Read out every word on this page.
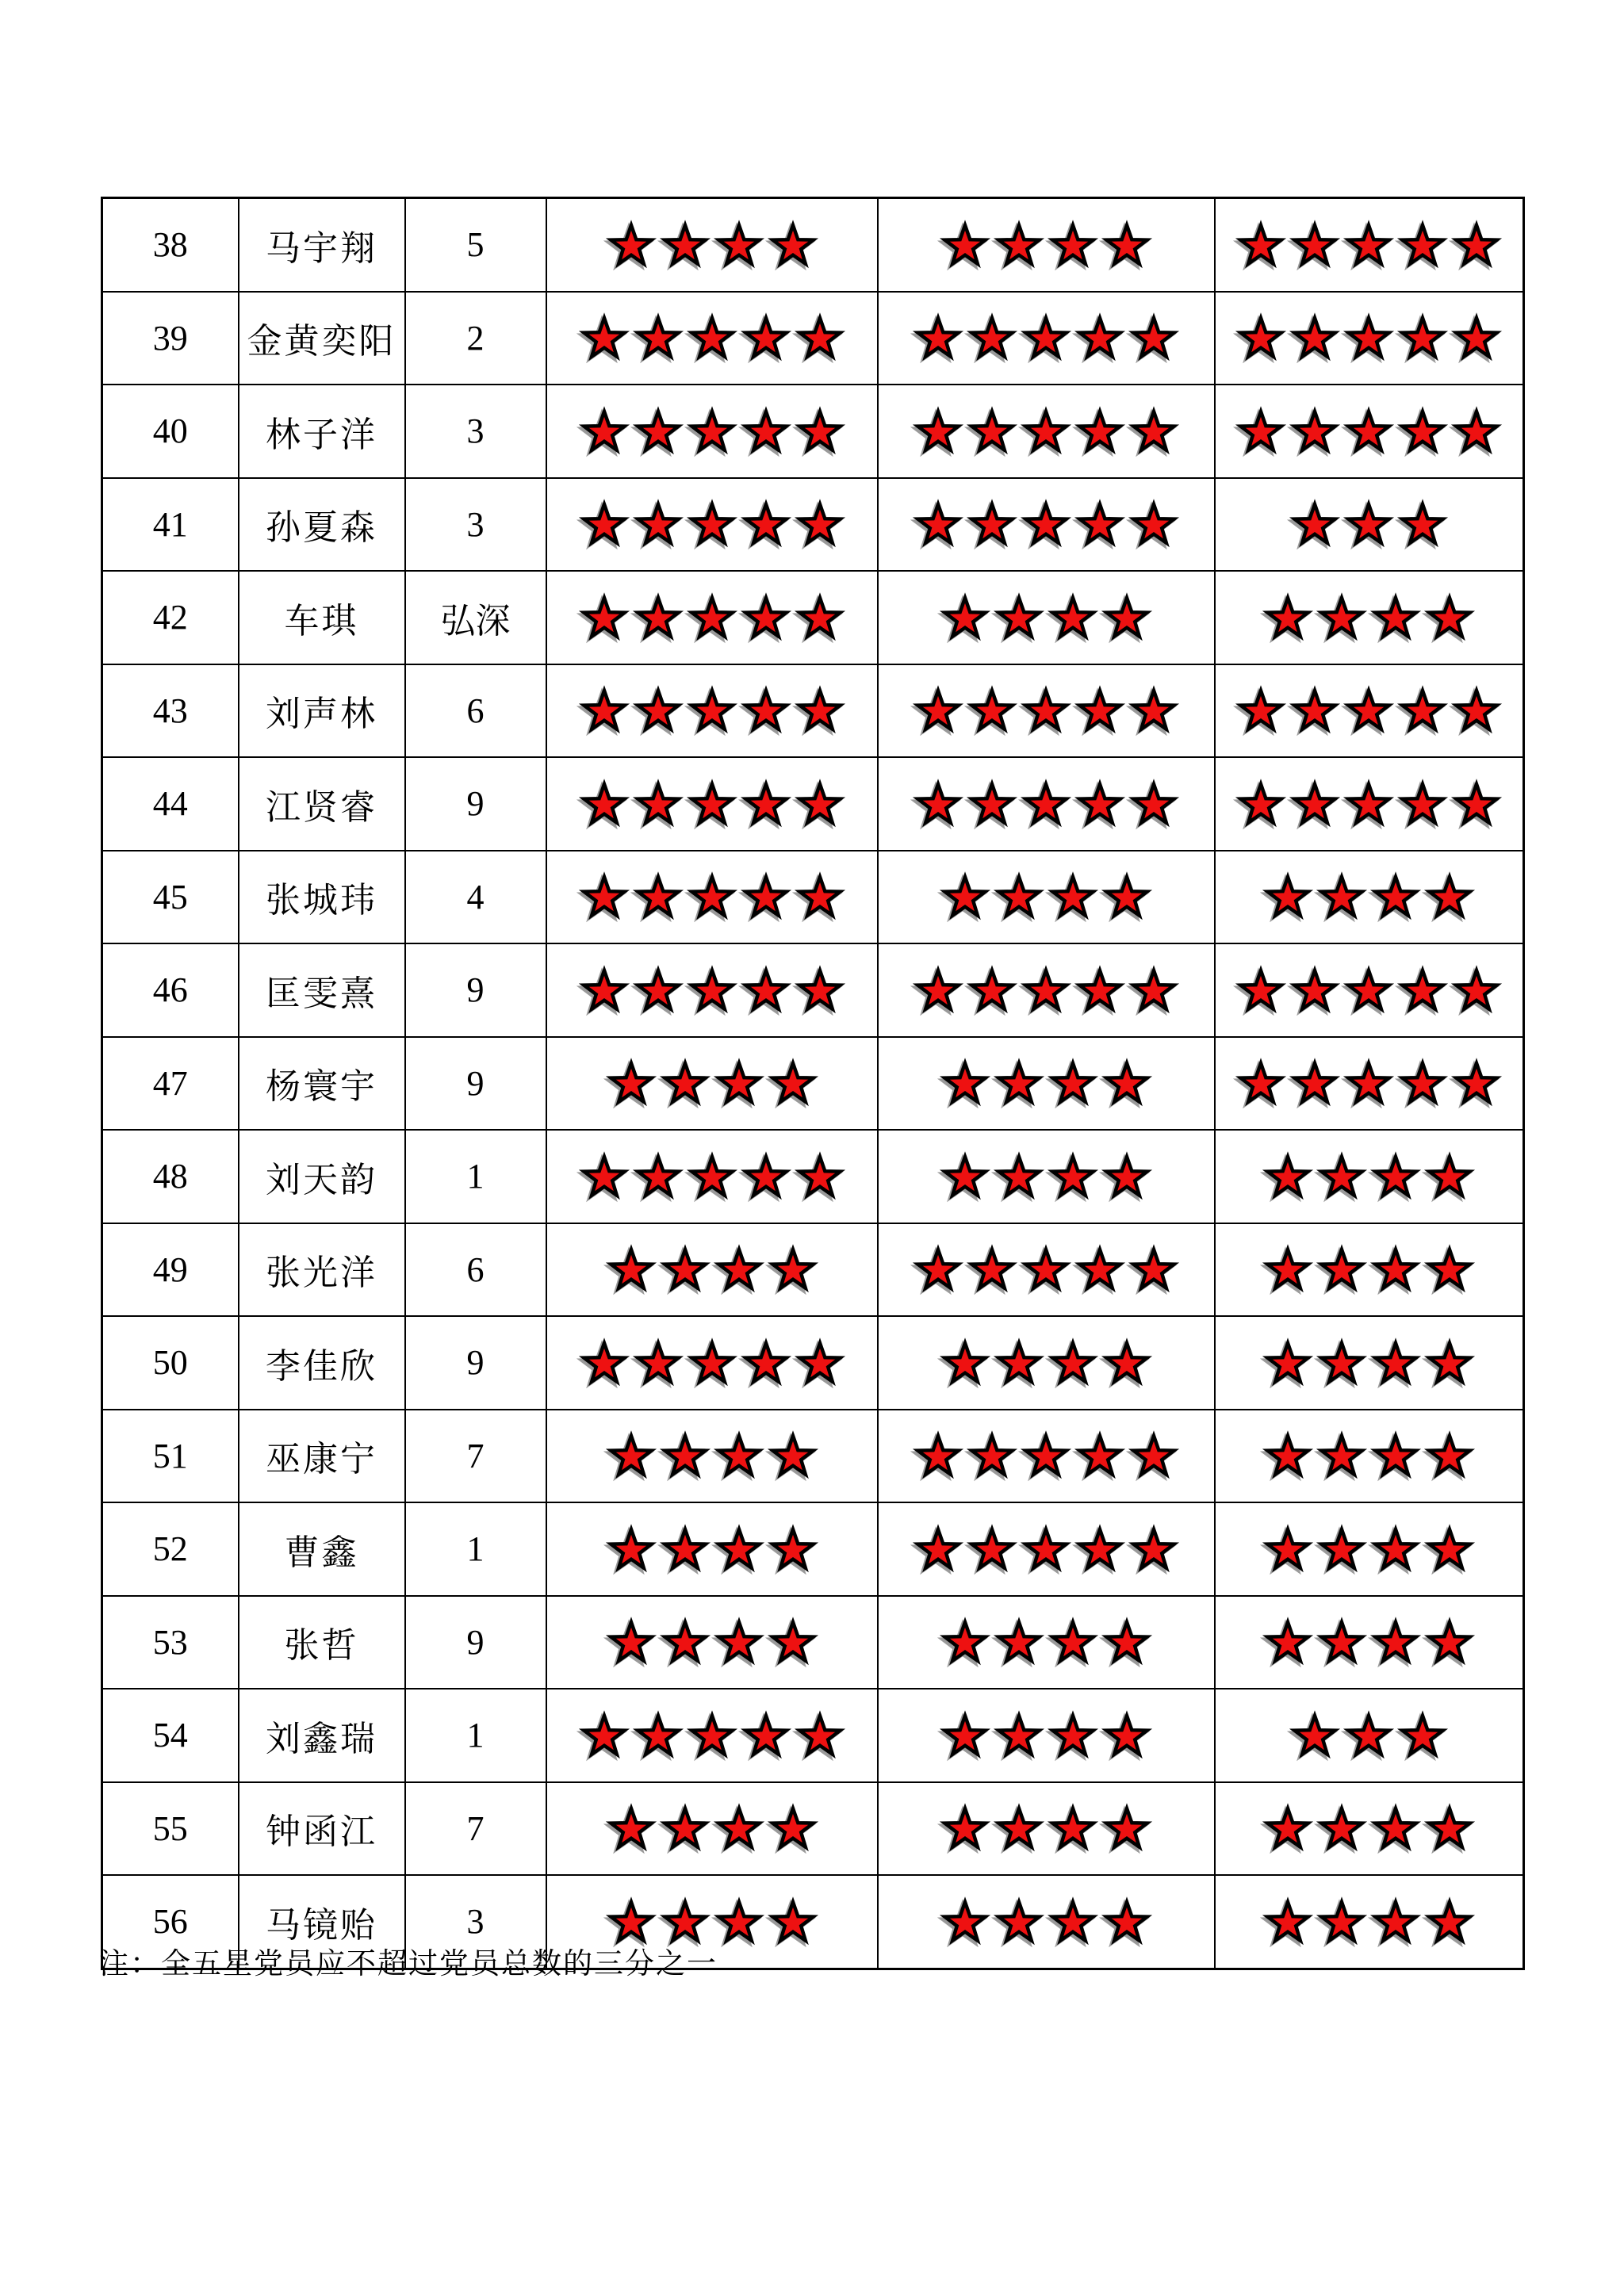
38	马宇翔	5			
39	金黄奕阳	2			
40	林子洋	3			
41	孙夏森	3			
42	车琪	弘深			
43	刘声林	6			
44	江贤睿	9			
45	张城玮	4			
46	匡雯熹	9			
47	杨寰宇	9			
48	刘天韵	1			
49	张光洋	6			
50	李佳欣	9			
51	巫康宁	7			
52	曹鑫	1			
53	张哲	9			
54	刘鑫瑞	1			
55	钟函江	7			
56	马镜贻	3			
注：全五星党员应不超过党员总数的三分之一
